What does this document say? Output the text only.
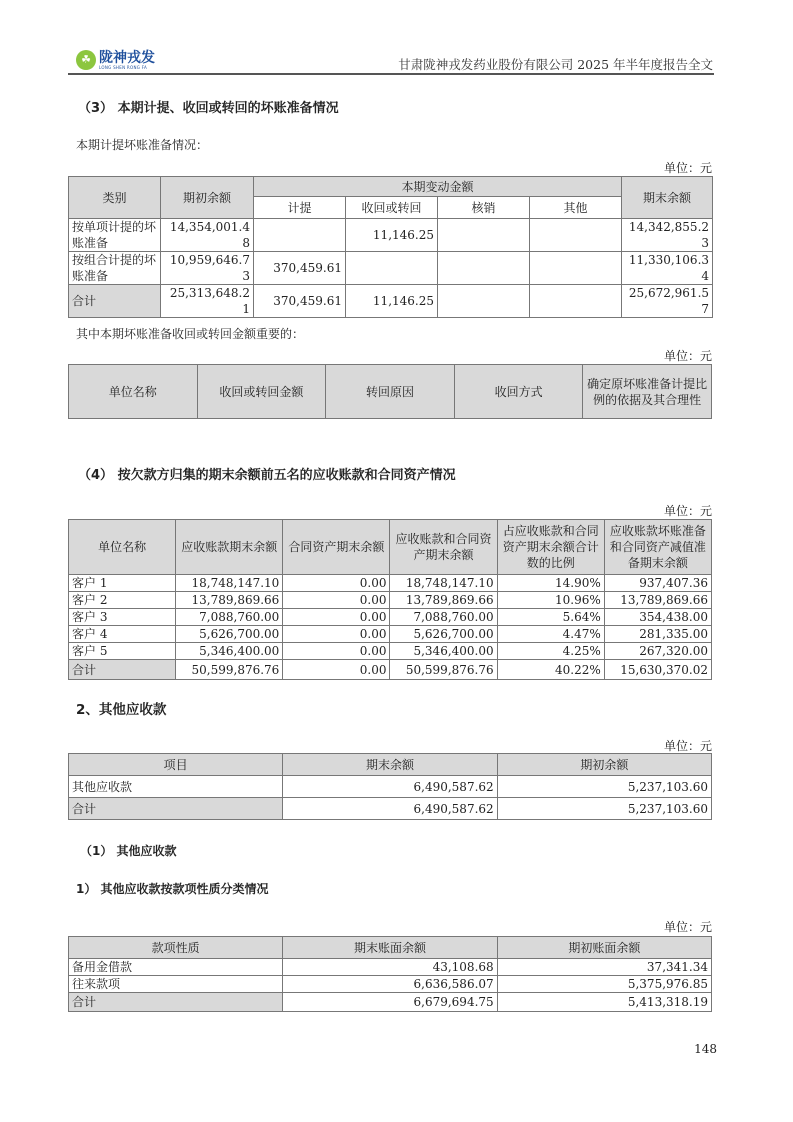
☘ 陇神戎发
LONG SHEN RONG FA	甘肃陇神戎发药业股份有限公司 2025 年半年度报告全文
（3） 本期计提、收回或转回的坏账准备情况
本期计提坏账准备情况：
单位：元
类别	期初余额	本期变动金额				期末余额
		计提	收回或转回	核销	其他	
按单项计提的坏账准备	14,354,001.48		11,146.25			14,342,855.23
按组合计提的坏账准备	10,959,646.73	370,459.61				11,330,106.34
合计	25,313,648.21	370,459.61	11,146.25			25,672,961.57
其中本期坏账准备收回或转回金额重要的：
单位：元
单位名称	收回或转回金额	转回原因	收回方式	确定原坏账准备计提比例的依据及其合理性
（4） 按欠款方归集的期末余额前五名的应收账款和合同资产情况
单位：元
单位名称	应收账款期末余额	合同资产期末余额	应收账款和合同资产期末余额	占应收账款和合同资产期末余额合计数的比例	应收账款坏账准备和合同资产减值准备期末余额
客户 1	18,748,147.10	0.00	18,748,147.10	14.90%	937,407.36
客户 2	13,789,869.66	0.00	13,789,869.66	10.96%	13,789,869.66
客户 3	7,088,760.00	0.00	7,088,760.00	5.64%	354,438.00
客户 4	5,626,700.00	0.00	5,626,700.00	4.47%	281,335.00
客户 5	5,346,400.00	0.00	5,346,400.00	4.25%	267,320.00
合计	50,599,876.76	0.00	50,599,876.76	40.22%	15,630,370.02
2、其他应收款
单位：元
项目	期末余额	期初余额
其他应收款	6,490,587.62	5,237,103.60
合计	6,490,587.62	5,237,103.60
（1） 其他应收款
1） 其他应收款按款项性质分类情况
单位：元
款项性质	期末账面余额	期初账面余额
备用金借款	43,108.68	37,341.34
往来款项	6,636,586.07	5,375,976.85
合计	6,679,694.75	5,413,318.19
148
